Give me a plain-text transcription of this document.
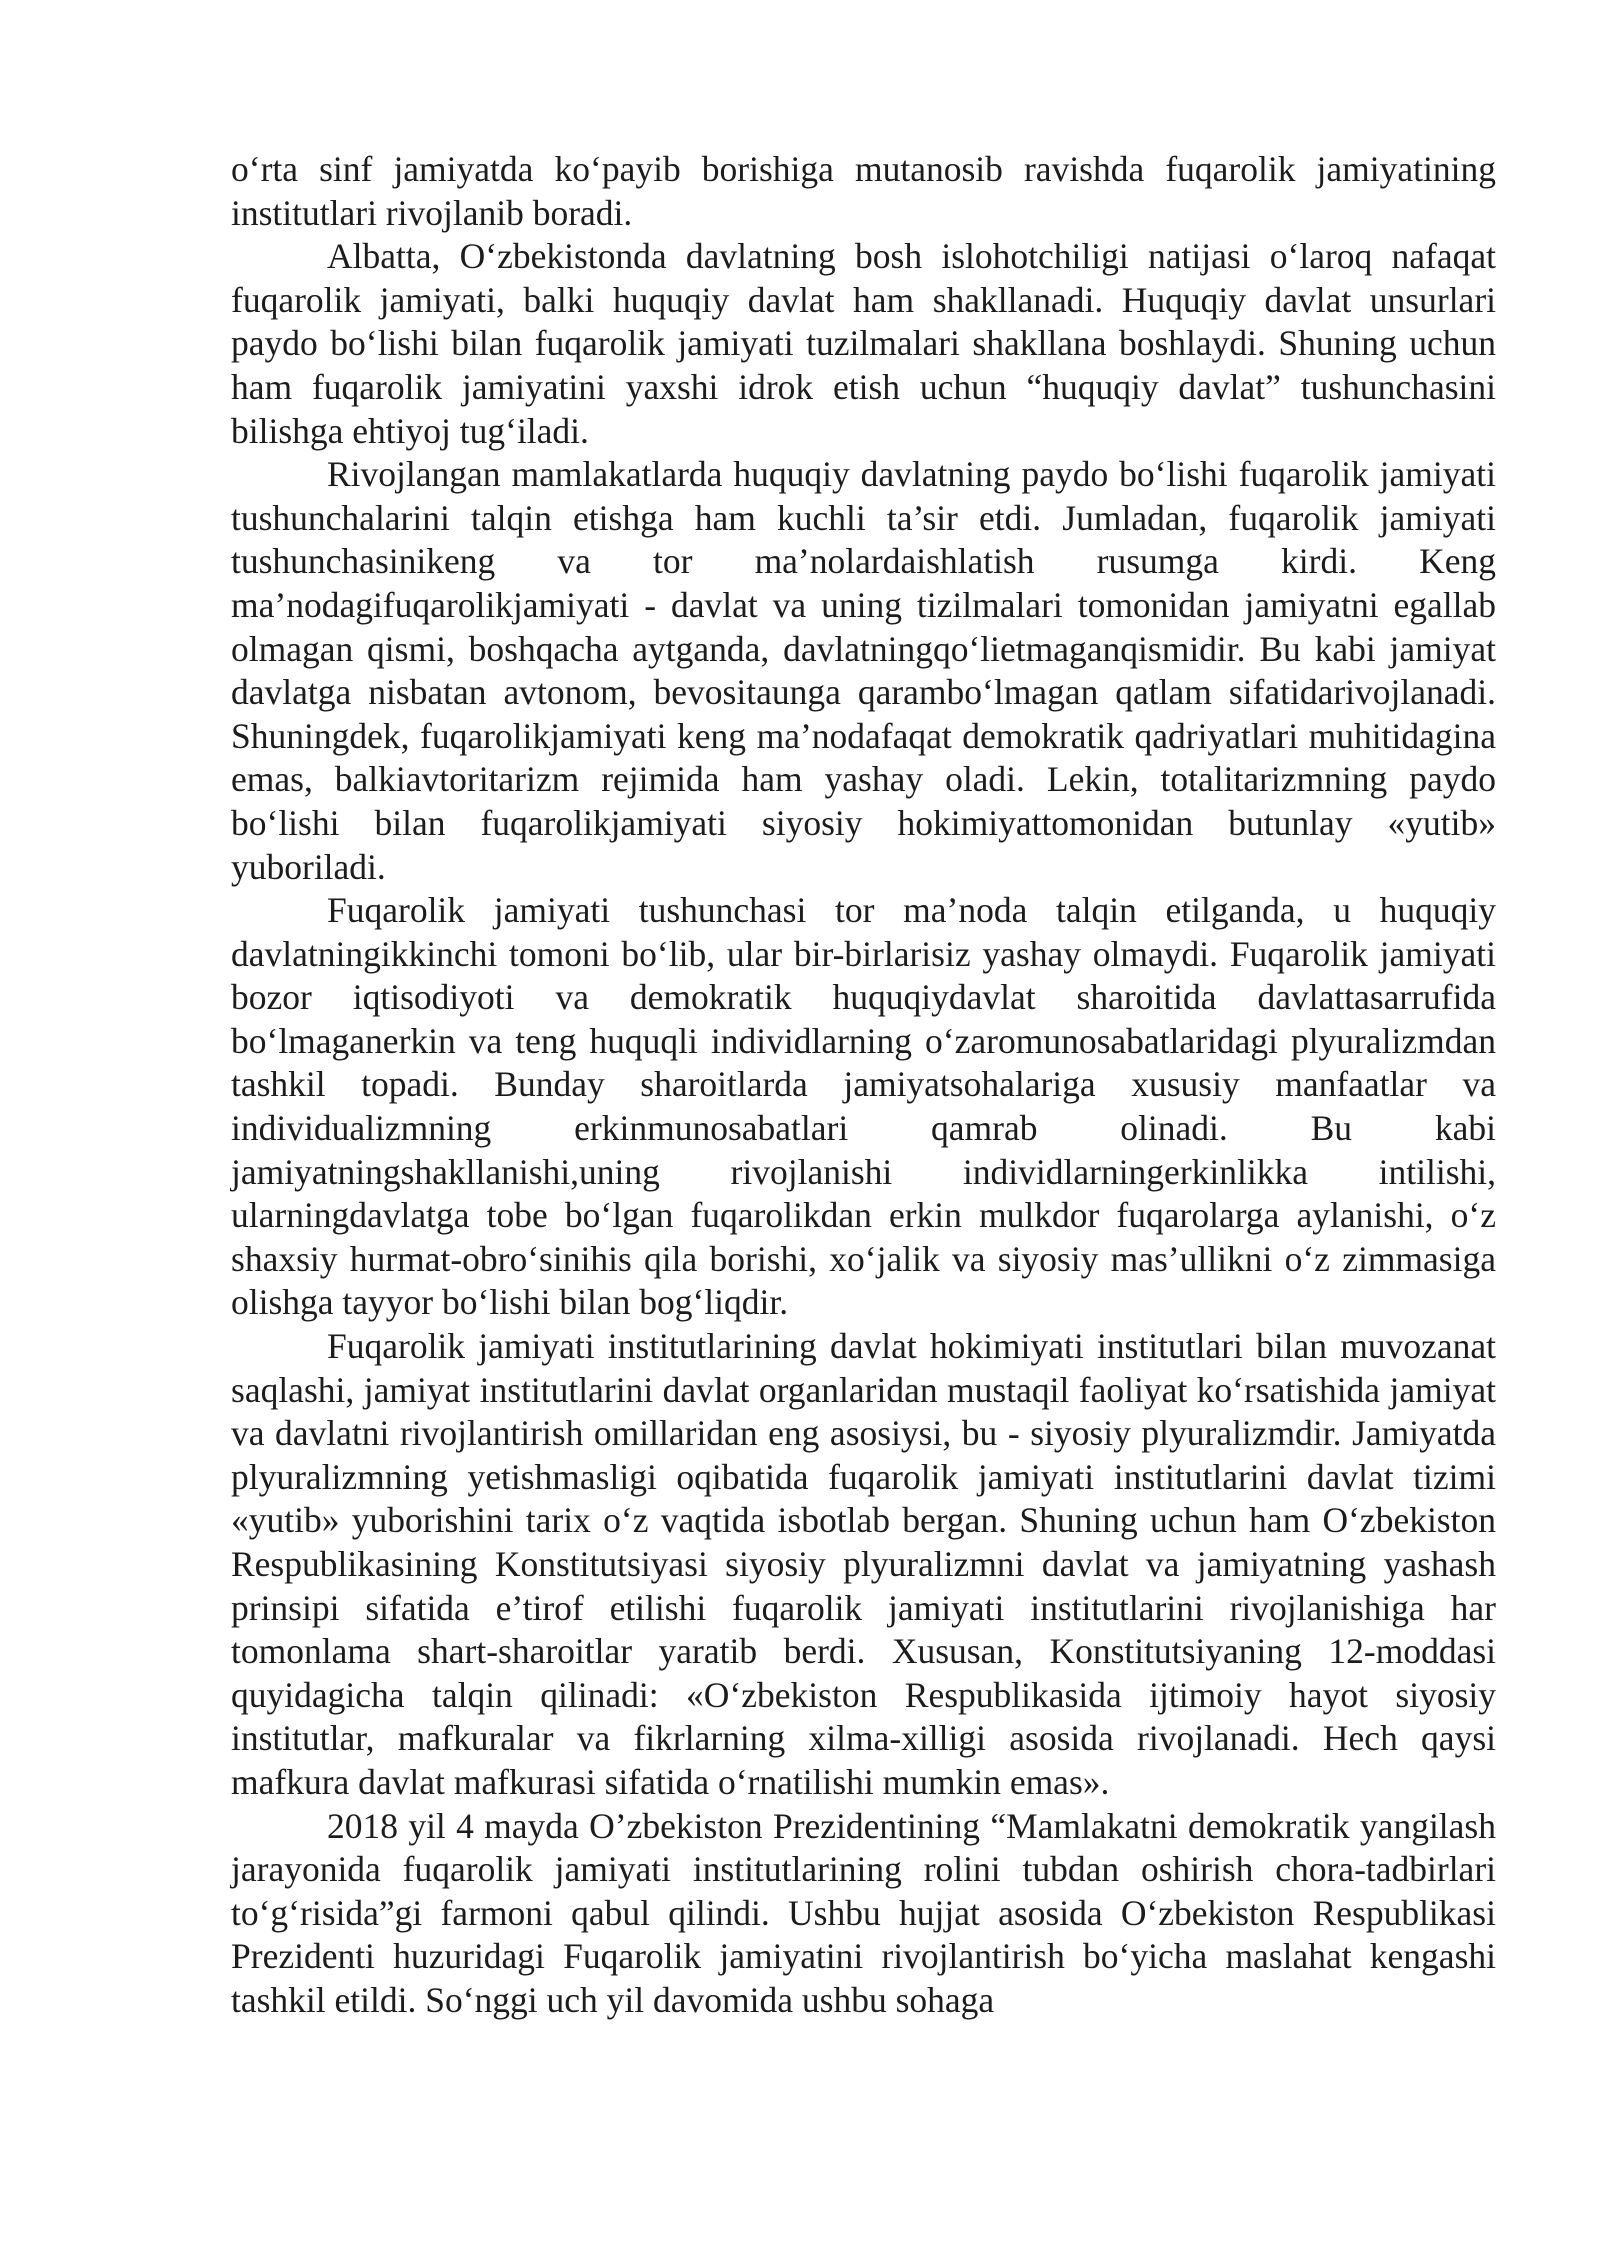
o‘rta sinf jamiyatda ko‘payib borishiga mutanosib ravishda fuqarolik jamiyatining institutlari rivojlanib boradi.

Albatta, O‘zbekistonda davlatning bosh islohotchiligi natijasi o‘laroq nafaqat fuqarolik jamiyati, balki huquqiy davlat ham shakllanadi. Huquqiy davlat unsurlari paydo bo‘lishi bilan fuqarolik jamiyati tuzilmalari shakllana boshlaydi. Shuning uchun ham fuqarolik jamiyatini yaxshi idrok etish uchun “huquqiy davlat” tushunchasini bilishga ehtiyoj tug‘iladi.

Rivojlangan mamlakatlarda huquqiy davlatning paydo bo‘lishi fuqarolik jamiyati tushunchalarini talqin etishga ham kuchli ta’sir etdi. Jumladan, fuqarolik jamiyati tushunchasinikeng va tor ma’nolardaishlatish rusumga kirdi. Keng ma’nodagifuqarolikjamiyati - davlat va uning tizilmalari tomonidan jamiyatni egallab olmagan qismi, boshqacha aytganda, davlatningqo‘lietmaganqismidir. Bu kabi jamiyat davlatga nisbatan avtonom, bevositaunga qarambo‘lmagan qatlam sifatidarivojlanadi. Shuningdek, fuqarolikjamiyati keng ma’nodafaqat demokratik qadriyatlari muhitidagina emas, balkiavtoritarizm rejimida ham yashay oladi. Lekin, totalitarizmning paydo bo‘lishi bilan fuqarolikjamiyati siyosiy hokimiyattomonidan butunlay «yutib» yuboriladi.

Fuqarolik jamiyati tushunchasi tor ma’noda talqin etilganda, u huquqiy davlatningikkinchi tomoni bo‘lib, ular bir-birlarisiz yashay olmaydi. Fuqarolik jamiyati bozor iqtisodiyoti va demokratik huquqiydavlat sharoitida davlattasarrufida bo‘lmaganerkin va teng huquqli individlarning o‘zaromunosabatlaridagi plyuralizmdan tashkil topadi. Bunday sharoitlarda jamiyatsohalariga xususiy manfaatlar va individualizmning erkinmunosabatlari qamrab olinadi. Bu kabi jamiyatningshakllanishi,uning rivojlanishi individlarningerkinlikka intilishi, ularningdavlatga tobe bo‘lgan fuqarolikdan erkin mulkdor fuqarolarga aylanishi, o‘z shaxsiy hurmat-obro‘sinihis qila borishi, xo‘jalik va siyosiy mas’ullikni o‘z zimmasiga olishga tayyor bo‘lishi bilan bog‘liqdir.

Fuqarolik jamiyati institutlarining davlat hokimiyati institutlari bilan muvozanat saqlashi, jamiyat institutlarini davlat organlaridan mustaqil faoliyat ko‘rsatishida jamiyat va davlatni rivojlantirish omillaridan eng asosiysi, bu - siyosiy plyuralizmdir. Jamiyatda plyuralizmning yetishmasligi oqibatida fuqarolik jamiyati institutlarini davlat tizimi «yutib» yuborishini tarix o‘z vaqtida isbotlab bergan. Shuning uchun ham O‘zbekiston Respublikasining Konstitutsiyasi siyosiy plyuralizmni davlat va jamiyatning yashash prinsipi sifatida e’tirof etilishi fuqarolik jamiyati institutlarini rivojlanishiga har tomonlama shart-sharoitlar yaratib berdi. Xususan, Konstitutsiyaning 12-moddasi quyidagicha talqin qilinadi: «O‘zbekiston Respublikasida ijtimoiy hayot siyosiy institutlar, mafkuralar va fikrlarning xilma-xilligi asosida rivojlanadi. Hech qaysi mafkura davlat mafkurasi sifatida o‘rnatilishi mumkin emas».

2018 yil 4 mayda O’zbekiston Prezidentining “Mamlakatni demokratik yangilash jarayonida fuqarolik jamiyati institutlarining rolini tubdan oshirish chora-tadbirlari to‘g‘risida”gi farmoni qabul qilindi. Ushbu hujjat asosida O‘zbekiston Respublikasi Prezidenti huzuridagi Fuqarolik jamiyatini rivojlantirish bo‘yicha maslahat kengashi tashkil etildi. So‘nggi uch yil davomida ushbu sohaga
